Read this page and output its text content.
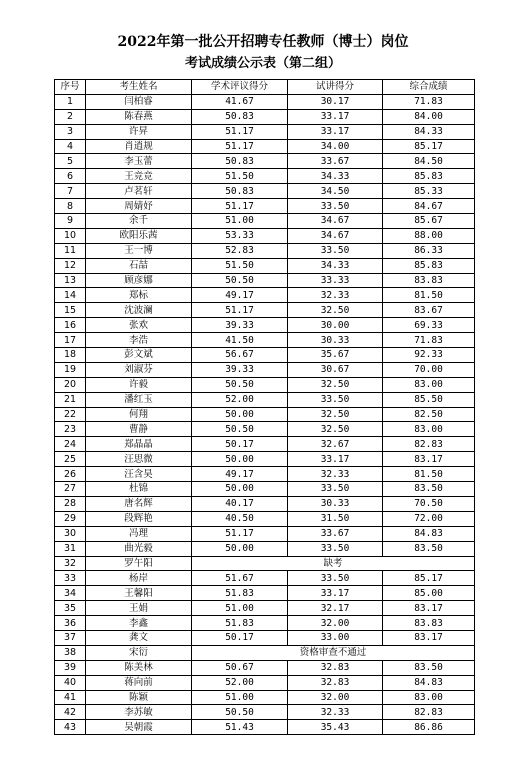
2022年第一批公开招聘专任教师（博士）岗位
考试成绩公示表（第二组）
序号	考生姓名	学术评议得分	试讲得分	综合成绩
1	闫柏睿	41.67	30.17	71.83
2	陈春燕	50.83	33.17	84.00
3	许昇	51.17	33.17	84.33
4	肖逍规	51.17	34.00	85.17
5	李玉蕾	50.83	33.67	84.50
6	王竞竞	51.50	34.33	85.83
7	卢茗轩	50.83	34.50	85.33
8	周婧妤	51.17	33.50	84.67
9	余千	51.00	34.67	85.67
10	欧阳乐茜	53.33	34.67	88.00
11	王一博	52.83	33.50	86.33
12	石喆	51.50	34.33	85.83
13	顾彦娜	50.50	33.33	83.83
14	郑标	49.17	32.33	81.50
15	沈波澜	51.17	32.50	83.67
16	张欢	39.33	30.00	69.33
17	李浩	41.50	30.33	71.83
18	彭文斌	56.67	35.67	92.33
19	刘淑芬	39.33	30.67	70.00
20	许毅	50.50	32.50	83.00
21	潘红玉	52.00	33.50	85.50
22	何翔	50.00	32.50	82.50
23	曹静	50.50	32.50	83.00
24	郑晶晶	50.17	32.67	82.83
25	汪思微	50.00	33.17	83.17
26	汪含昊	49.17	32.33	81.50
27	杜锦	50.00	33.50	83.50
28	唐名辉	40.17	30.33	70.50
29	段辉艳	40.50	31.50	72.00
30	冯理	51.17	33.67	84.83
31	曲光毅	50.00	33.50	83.50
32	罗午阳	缺考		
33	杨岸	51.67	33.50	85.17
34	王馨阳	51.83	33.17	85.00
35	王娟	51.00	32.17	83.17
36	李鑫	51.83	32.00	83.83
37	龚文	50.17	33.00	83.17
38	宋衍	资格审查不通过		
39	陈美林	50.67	32.83	83.50
40	蒋向前	52.00	32.83	84.83
41	陈颖	51.00	32.00	83.00
42	李苏敏	50.50	32.33	82.83
43	吴朝霞	51.43	35.43	86.86
